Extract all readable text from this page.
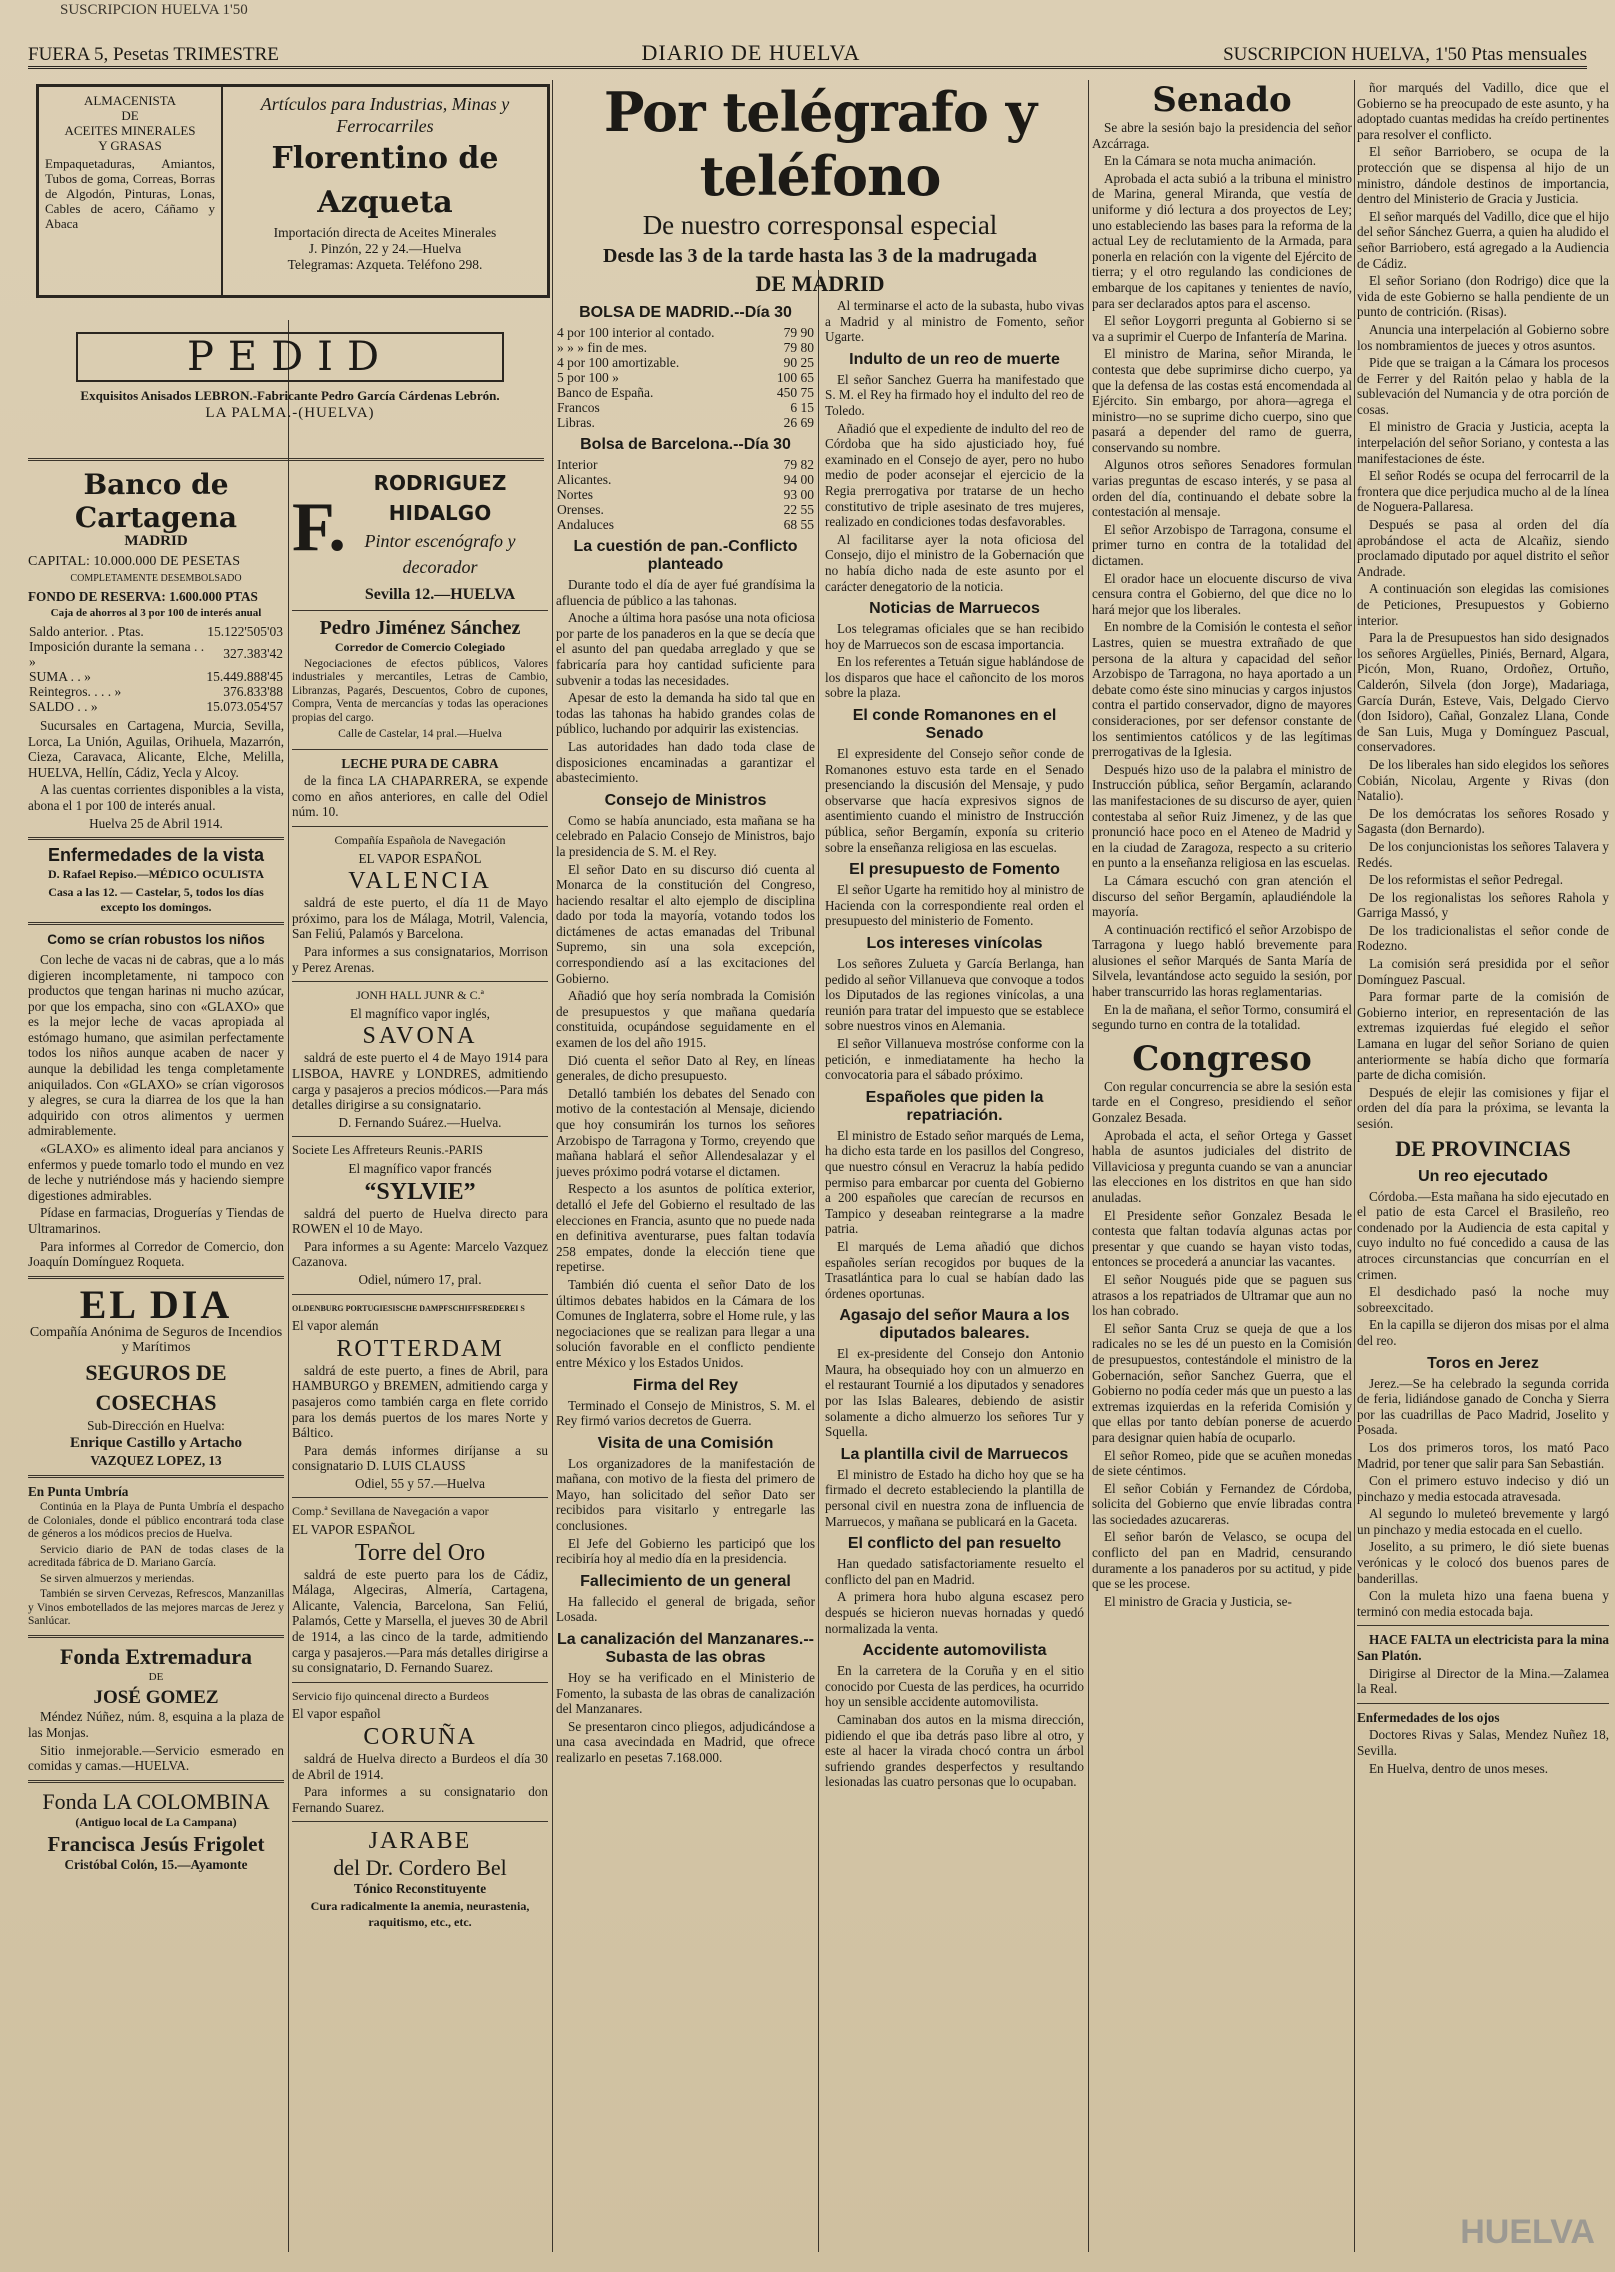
SUSCRIPCION HUELVA 1'50
FUERA 5, Pesetas TRIMESTRE	DIARIO DE HUELVA	SUSCRIPCION HUELVA, 1'50 Ptas mensuales
ALMACENISTA
DE
ACEITES MINERALES
Y GRASAS
Empaquetaduras, Amiantos, Tubos de goma, Correas, Borras de Algodón, Pinturas, Lonas, Cables de acero, Cáñamo y Abaca
Artículos para Industrias, Minas y Ferrocarriles
Florentino de Azqueta
Importación directa de Aceites Minerales
J. Pinzón, 22 y 24.—Huelva
Telegramas: Azqueta. Teléfono 298.
PEDID

Exquisitos Anisados LEBRON.-Fabricante Pedro García Cárdenas Lebrón.

LA PALMA.-(HUELVA)

Banco de Cartagena

MADRID

CAPITAL: 10.000.000 DE PESETAS

COMPLETAMENTE DESEMBOLSADO

FONDO DE RESERVA: 1.600.000 PTAS

Caja de ahorros al 3 por 100 de interés anual

Saldo anterior. . Ptas.	15.122'505'03
Imposición durante la semana . . »	327.383'42
SUMA . . »	15.449.888'45
Reintegros. . . . »	376.833'88
SALDO . . »	15.073.054'57

Sucursales en Cartagena, Murcia, Sevilla, Lorca, La Unión, Aguilas, Orihuela, Mazarrón, Cieza, Caravaca, Alicante, Elche, Melilla, HUELVA, Hellín, Cádiz, Yecla y Alcoy.

A las cuentas corrientes disponibles a la vista, abona el 1 por 100 de interés anual.

Huelva 25 de Abril 1914.

Enfermedades de la vista

D. Rafael Repiso.—MÉDICO OCULISTA

Casa a las 12. — Castelar, 5, todos los días excepto los domingos.

Como se crían robustos los niños

Con leche de vacas ni de cabras, que a lo más digieren incompletamente, ni tampoco con productos que tengan harinas ni mucho azúcar, por que los empacha, sino con «GLAXO» que es la mejor leche de vacas apropiada al estómago humano, que asimilan perfectamente todos los niños aunque acaben de nacer y aunque la debilidad les tenga completamente aniquilados. Con «GLAXO» se crían vigorosos y alegres, se cura la diarrea de los que la han adquirido con otros alimentos y uermen admirablemente.

«GLAXO» es alimento ideal para ancianos y enfermos y puede tomarlo todo el mundo en vez de leche y nutriéndose más y haciendo siempre digestiones admirables.

Pídase en farmacias, Droguerías y Tiendas de Ultramarinos.

Para informes al Corredor de Comercio, don Joaquín Domínguez Roqueta.

EL DIA

Compañía Anónima de Seguros de Incendios y Marítimos

SEGUROS DE COSECHAS

Sub-Dirección en Huelva:

Enrique Castillo y Artacho

VAZQUEZ LOPEZ, 13

En Punta Umbría

Continúa en la Playa de Punta Umbría el despacho de Coloniales, donde el público encontrará toda clase de géneros a los módicos precios de Huelva.

Servicio diario de PAN de todas clases de la acreditada fábrica de D. Mariano García.

Se sirven almuerzos y meriendas.

También se sirven Cervezas, Refrescos, Manzanillas y Vinos embotellados de las mejores marcas de Jerez y Sanlúcar.

Fonda Extremadura

DE

JOSÉ GOMEZ

Méndez Núñez, núm. 8, esquina a la plaza de las Monjas.

Sitio inmejorable.—Servicio esmerado en comidas y camas.—HUELVA.

Fonda LA COLOMBINA

(Antiguo local de La Campana)

Francisca Jesús Frigolet

Cristóbal Colón, 15.—Ayamonte

F.
RODRIGUEZ HIDALGO
Pintor escenógrafo y decorador
Sevilla 12.—HUELVA
Pedro Jiménez Sánchez

Corredor de Comercio Colegiado

Negociaciones de efectos públicos, Valores industriales y mercantiles, Letras de Cambio, Libranzas, Pagarés, Descuentos, Cobro de cupones, Compra, Venta de mercancías y todas las operaciones propias del cargo.

Calle de Castelar, 14 pral.—Huelva

LECHE PURA DE CABRA

de la finca LA CHAPARRERA, se expende como en años anteriores, en calle del Odiel núm. 10.

Compañía Española de Navegación

EL VAPOR ESPAÑOL

VALENCIA

saldrá de este puerto, el día 11 de Mayo próximo, para los de Málaga, Motril, Valencia, San Feliú, Palamós y Barcelona.

Para informes a sus consignatarios, Morrison y Perez Arenas.

JONH HALL JUNR & C.ª

El magnífico vapor inglés,

SAVONA

saldrá de este puerto el 4 de Mayo 1914 para LISBOA, HAVRE y LONDRES, admitiendo carga y pasajeros a precios módicos.—Para más detalles dirigirse a su consignatario.

D. Fernando Suárez.—Huelva.

Societe Les Affreteurs Reunis.-PARIS

El magnífico vapor francés

“SYLVIE”

saldrá del puerto de Huelva directo para ROWEN el 10 de Mayo.

Para informes a su Agente: Marcelo Vazquez Cazanova.

Odiel, número 17, pral.

OLDENBURG PORTUGIESISCHE DAMPFSCHIFFSREDEREI S

El vapor alemán

ROTTERDAM

saldrá de este puerto, a fines de Abril, para HAMBURGO y BREMEN, admitiendo carga y pasajeros como también carga en flete corrido para los demás puertos de los mares Norte y Báltico.

Para demás informes diríjanse a su consignatario D. LUIS CLAUSS

Odiel, 55 y 57.—Huelva

Comp.ª Sevillana de Navegación a vapor

EL VAPOR ESPAÑOL

Torre del Oro

saldrá de este puerto para los de Cádiz, Málaga, Algeciras, Almería, Cartagena, Alicante, Valencia, Barcelona, San Feliú, Palamós, Cette y Marsella, el jueves 30 de Abril de 1914, a las cinco de la tarde, admitiendo carga y pasajeros.—Para más detalles dirigirse a su consignatario, D. Fernando Suarez.

Servicio fijo quincenal directo a Burdeos

El vapor español

CORUÑA

saldrá de Huelva directo a Burdeos el día 30 de Abril de 1914.

Para informes a su consignatario don Fernando Suarez.

JARABE
del Dr. Cordero Bel

Tónico Reconstituyente

Cura radicalmente la anemia, neurastenia, raquitismo, etc., etc.

Por telégrafo y teléfono
De nuestro corresponsal especial
Desde las 3 de la tarde hasta las 3 de la madrugada
DE MADRID
BOLSA DE MADRID.--Día 30
4 por 100 interior al contado.	79 90
» » » fin de mes.	79 80
4 por 100 amortizable.	90 25
5 por 100 »	100 65
Banco de España.	450 75
Francos	6 15
Libras.	26 69
Bolsa de Barcelona.--Día 30
Interior	79 82
Alicantes.	94 00
Nortes	93 00
Orenses.	22 55
Andaluces	68 55
La cuestión de pan.-Conflicto planteado

Durante todo el día de ayer fué grandísima la afluencia de público a las tahonas.

Anoche a última hora pasóse una nota oficiosa por parte de los panaderos en la que se decía que el asunto del pan quedaba arreglado y que se fabricaría para hoy cantidad suficiente para subvenir a todas las necesidades.

Apesar de esto la demanda ha sido tal que en todas las tahonas ha habido grandes colas de público, luchando por adquirir las existencias.

Las autoridades han dado toda clase de disposiciones encaminadas a garantizar el abastecimiento.

Consejo de Ministros

Como se había anunciado, esta mañana se ha celebrado en Palacio Consejo de Ministros, bajo la presidencia de S. M. el Rey.

El señor Dato en su discurso dió cuenta al Monarca de la constitución del Congreso, haciendo resaltar el alto ejemplo de disciplina dado por toda la mayoría, votando todos los dictámenes de actas emanadas del Tribunal Supremo, sin una sola excepción, correspondiendo así a las excitaciones del Gobierno.

Añadió que hoy sería nombrada la Comisión de presupuestos y que mañana quedaría constituida, ocupándose seguidamente en el examen de los del año 1915.

Dió cuenta el señor Dato al Rey, en líneas generales, de dicho presupuesto.

Detalló también los debates del Senado con motivo de la contestación al Mensaje, diciendo que hoy consumirán los turnos los señores Arzobispo de Tarragona y Tormo, creyendo que mañana hablará el señor Allendesalazar y el jueves próximo podrá votarse el dictamen.

Respecto a los asuntos de política exterior, detalló el Jefe del Gobierno el resultado de las elecciones en Francia, asunto que no puede nada en definitiva aventurarse, pues faltan todavía 258 empates, donde la elección tiene que repetirse.

También dió cuenta el señor Dato de los últimos debates habidos en la Cámara de los Comunes de Inglaterra, sobre el Home rule, y las negociaciones que se realizan para llegar a una solución favorable en el conflicto pendiente entre México y los Estados Unidos.

Firma del Rey

Terminado el Consejo de Ministros, S. M. el Rey firmó varios decretos de Guerra.

Visita de una Comisión

Los organizadores de la manifestación de mañana, con motivo de la fiesta del primero de Mayo, han solicitado del señor Dato ser recibidos para visitarlo y entregarle las conclusiones.

El Jefe del Gobierno les participó que los recibiría hoy al medio día en la presidencia.

Fallecimiento de un general

Ha fallecido el general de brigada, señor Losada.

La canalización del Manzanares.--Subasta de las obras

Hoy se ha verificado en el Ministerio de Fomento, la subasta de las obras de canalización del Manzanares.

Se presentaron cinco pliegos, adjudicándose a una casa avecindada en Madrid, que ofrece realizarlo en pesetas 7.168.000.

Al terminarse el acto de la subasta, hubo vivas a Madrid y al ministro de Fomento, señor Ugarte.

Indulto de un reo de muerte

El señor Sanchez Guerra ha manifestado que S. M. el Rey ha firmado hoy el indulto del reo de Toledo.

Añadió que el expediente de indulto del reo de Córdoba que ha sido ajusticiado hoy, fué examinado en el Consejo de ayer, pero no hubo medio de poder aconsejar el ejercicio de la Regia prerrogativa por tratarse de un hecho constitutivo de triple asesinato de tres mujeres, realizado en condiciones todas desfavorables.

Al facilitarse ayer la nota oficiosa del Consejo, dijo el ministro de la Gobernación que no había dicho nada de este asunto por el carácter denegatorio de la noticia.

Noticias de Marruecos

Los telegramas oficiales que se han recibido hoy de Marruecos son de escasa importancia.

En los referentes a Tetuán sigue hablándose de los disparos que hace el cañoncito de los moros sobre la plaza.

El conde Romanones en el Senado

El expresidente del Consejo señor conde de Romanones estuvo esta tarde en el Senado presenciando la discusión del Mensaje, y pudo observarse que hacía expresivos signos de asentimiento cuando el ministro de Instrucción pública, señor Bergamín, exponía su criterio sobre la enseñanza religiosa en las escuelas.

El presupuesto de Fomento

El señor Ugarte ha remitido hoy al ministro de Hacienda con la correspondiente real orden el presupuesto del ministerio de Fomento.

Los intereses vinícolas

Los señores Zulueta y García Berlanga, han pedido al señor Villanueva que convoque a todos los Diputados de las regiones vinícolas, a una reunión para tratar del impuesto que se establece sobre nuestros vinos en Alemania.

El señor Villanueva mostróse conforme con la petición, e inmediatamente ha hecho la convocatoria para el sábado próximo.

Españoles que piden la repatriación.

El ministro de Estado señor marqués de Lema, ha dicho esta tarde en los pasillos del Congreso, que nuestro cónsul en Veracruz la había pedido permiso para embarcar por cuenta del Gobierno a 200 españoles que carecían de recursos en Tampico y deseaban reintegrarse a la madre patria.

El marqués de Lema añadió que dichos españoles serían recogidos por buques de la Trasatlántica para lo cual se habían dado las órdenes oportunas.

Agasajo del señor Maura a los diputados baleares.

El ex-presidente del Consejo don Antonio Maura, ha obsequiado hoy con un almuerzo en el restaurant Tournié a los diputados y senadores por las Islas Baleares, debiendo de asistir solamente a dicho almuerzo los señores Tur y Squella.

La plantilla civil de Marruecos

El ministro de Estado ha dicho hoy que se ha firmado el decreto estableciendo la plantilla de personal civil en nuestra zona de influencia de Marruecos, y mañana se publicará en la Gaceta.

El conflicto del pan resuelto

Han quedado satisfactoriamente resuelto el conflicto del pan en Madrid.

A primera hora hubo alguna escasez pero después se hicieron nuevas hornadas y quedó normalizada la venta.

Accidente automovilista

En la carretera de la Coruña y en el sitio conocido por Cuesta de las perdices, ha ocurrido hoy un sensible accidente automovilista.

Caminaban dos autos en la misma dirección, pidiendo el que iba detrás paso libre al otro, y este al hacer la virada chocó contra un árbol sufriendo grandes desperfectos y resultando lesionadas las cuatro personas que lo ocupaban.

Senado

Se abre la sesión bajo la presidencia del señor Azcárraga.

En la Cámara se nota mucha animación.

Aprobada el acta subió a la tribuna el ministro de Marina, general Miranda, que vestía de uniforme y dió lectura a dos proyectos de Ley; uno estableciendo las bases para la reforma de la actual Ley de reclutamiento de la Armada, para ponerla en relación con la vigente del Ejército de tierra; y el otro regulando las condiciones de embarque de los capitanes y tenientes de navío, para ser declarados aptos para el ascenso.

El señor Loygorri pregunta al Gobierno si se va a suprimir el Cuerpo de Infantería de Marina.

El ministro de Marina, señor Miranda, le contesta que debe suprimirse dicho cuerpo, ya que la defensa de las costas está encomendada al Ejército. Sin embargo, por ahora—agrega el ministro—no se suprime dicho cuerpo, sino que pasará a depender del ramo de guerra, conservando su nombre.

Algunos otros señores Senadores formulan varias preguntas de escaso interés, y se pasa al orden del día, continuando el debate sobre la contestación al mensaje.

El señor Arzobispo de Tarragona, consume el primer turno en contra de la totalidad del dictamen.

El orador hace un elocuente discurso de viva censura contra el Gobierno, del que dice no lo hará mejor que los liberales.

En nombre de la Comisión le contesta el señor Lastres, quien se muestra extrañado de que persona de la altura y capacidad del señor Arzobispo de Tarragona, no haya aportado a un debate como éste sino minucias y cargos injustos contra el partido conservador, digno de mayores consideraciones, por ser defensor constante de los sentimientos católicos y de las legítimas prerrogativas de la Iglesia.

Después hizo uso de la palabra el ministro de Instrucción pública, señor Bergamín, aclarando las manifestaciones de su discurso de ayer, quien contestaba al señor Ruiz Jimenez, y de las que pronunció hace poco en el Ateneo de Madrid y en la ciudad de Zaragoza, respecto a su criterio en punto a la enseñanza religiosa en las escuelas.

La Cámara escuchó con gran atención el discurso del señor Bergamín, aplaudiéndole la mayoría.

A continuación rectificó el señor Arzobispo de Tarragona y luego habló brevemente para alusiones el señor Marqués de Santa María de Silvela, levantándose acto seguido la sesión, por haber transcurrido las horas reglamentarias.

En la de mañana, el señor Tormo, consumirá el segundo turno en contra de la totalidad.

Congreso

Con regular concurrencia se abre la sesión esta tarde en el Congreso, presidiendo el señor Gonzalez Besada.

Aprobada el acta, el señor Ortega y Gasset habla de asuntos judiciales del distrito de Villaviciosa y pregunta cuando se van a anunciar las elecciones en los distritos en que han sido anuladas.

El Presidente señor Gonzalez Besada le contesta que faltan todavía algunas actas por presentar y que cuando se hayan visto todas, entonces se procederá a anunciar las vacantes.

El señor Nougués pide que se paguen sus atrasos a los repatriados de Ultramar que aun no los han cobrado.

El señor Santa Cruz se queja de que a los radicales no se les dé un puesto en la Comisión de presupuestos, contestándole el ministro de la Gobernación, señor Sanchez Guerra, que el Gobierno no podía ceder más que un puesto a las extremas izquierdas en la referida Comisión y que ellas por tanto debían ponerse de acuerdo para designar quien había de ocuparlo.

El señor Romeo, pide que se acuñen monedas de siete céntimos.

El señor Cobián y Fernandez de Córdoba, solicita del Gobierno que envíe libradas contra las sociedades azucareras.

El señor barón de Velasco, se ocupa del conflicto del pan en Madrid, censurando duramente a los panaderos por su actitud, y pide que se les procese.

El ministro de Gracia y Justicia, se-

ñor marqués del Vadillo, dice que el Gobierno se ha preocupado de este asunto, y ha adoptado cuantas medidas ha creído pertinentes para resolver el conflicto.

El señor Barriobero, se ocupa de la protección que se dispensa al hijo de un ministro, dándole destinos de importancia, dentro del Ministerio de Gracia y Justicia.

El señor marqués del Vadillo, dice que el hijo del señor Sánchez Guerra, a quien ha aludido el señor Barriobero, está agregado a la Audiencia de Cádiz.

El señor Soriano (don Rodrigo) dice que la vida de este Gobierno se halla pendiente de un punto de contrición. (Risas).

Anuncia una interpelación al Gobierno sobre los nombramientos de jueces y otros asuntos.

Pide que se traigan a la Cámara los procesos de Ferrer y del Raitón pelao y habla de la sublevación del Numancia y de otra porción de cosas.

El ministro de Gracia y Justicia, acepta la interpelación del señor Soriano, y contesta a las manifestaciones de éste.

El señor Rodés se ocupa del ferrocarril de la frontera que dice perjudica mucho al de la línea de Noguera-Pallaresa.

Después se pasa al orden del día aprobándose el acta de Alcañiz, siendo proclamado diputado por aquel distrito el señor Andrade.

A continuación son elegidas las comisiones de Peticiones, Presupuestos y Gobierno interior.

Para la de Presupuestos han sido designados los señores Argüelles, Piniés, Bernard, Algara, Picón, Mon, Ruano, Ordoñez, Ortuño, Calderón, Silvela (don Jorge), Madariaga, García Durán, Esteve, Vais, Delgado Ciervo (don Isidoro), Cañal, Gonzalez Llana, Conde de San Luis, Muga y Domínguez Pascual, conservadores.

De los liberales han sido elegidos los señores Cobián, Nicolau, Argente y Rivas (don Natalio).

De los demócratas los señores Rosado y Sagasta (don Bernardo).

De los conjuncionistas los señores Talavera y Redés.

De los reformistas el señor Pedregal.

De los regionalistas los señores Rahola y Garriga Massó, y

De los tradicionalistas el señor conde de Rodezno.

La comisión será presidida por el señor Domínguez Pascual.

Para formar parte de la comisión de Gobierno interior, en representación de las extremas izquierdas fué elegido el señor Lamana en lugar del señor Soriano de quien anteriormente se había dicho que formaría parte de dicha comisión.

Después de elejir las comisiones y fijar el orden del día para la próxima, se levanta la sesión.

DE PROVINCIAS
Un reo ejecutado

Córdoba.—Esta mañana ha sido ejecutado en el patio de esta Carcel el Brasileño, reo condenado por la Audiencia de esta capital y cuyo indulto no fué concedido a causa de las atroces circunstancias que concurrían en el crimen.

El desdichado pasó la noche muy sobreexcitado.

En la capilla se dijeron dos misas por el alma del reo.

Toros en Jerez

Jerez.—Se ha celebrado la segunda corrida de feria, lidiándose ganado de Concha y Sierra por las cuadrillas de Paco Madrid, Joselito y Posada.

Los dos primeros toros, los mató Paco Madrid, por tener que salir para San Sebastián.

Con el primero estuvo indeciso y dió un pinchazo y media estocada atravesada.

Al segundo lo muleteó brevemente y largó un pinchazo y media estocada en el cuello.

Joselito, a su primero, le dió siete buenas verónicas y le colocó dos buenos pares de banderillas.

Con la muleta hizo una faena buena y terminó con media estocada baja.

HACE FALTA un electricista para la mina San Platón.

Dirigirse al Director de la Mina.—Zalamea la Real.

Enfermedades de los ojos

Doctores Rivas y Salas, Mendez Nuñez 18, Sevilla.

En Huelva, dentro de unos meses.

HUELVA
